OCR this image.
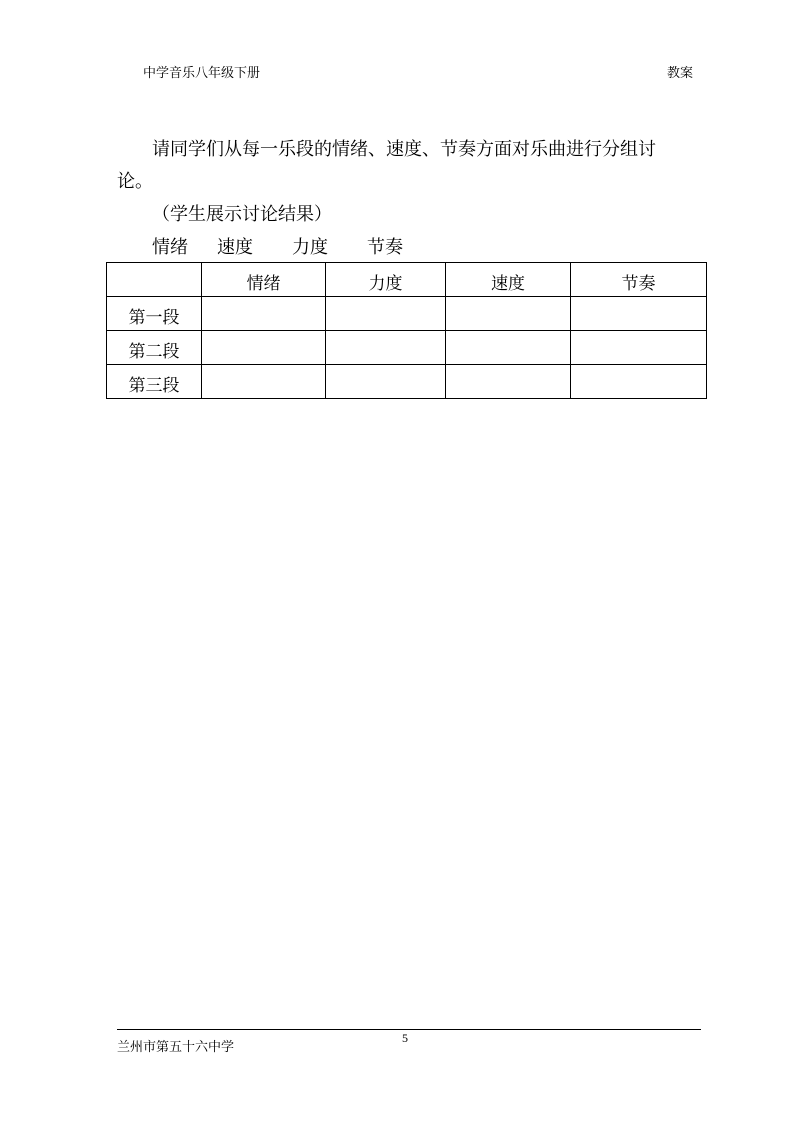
中学音乐八年级下册	教案
请同学们从每一乐段的情绪、速度、节奏方面对乐曲进行分组讨
论。
（学生展示讨论结果）
情绪 速度 力度 节奏
	情绪	力度	速度	节奏
第一段				
第二段				
第三段				
5
兰州市第五十六中学
